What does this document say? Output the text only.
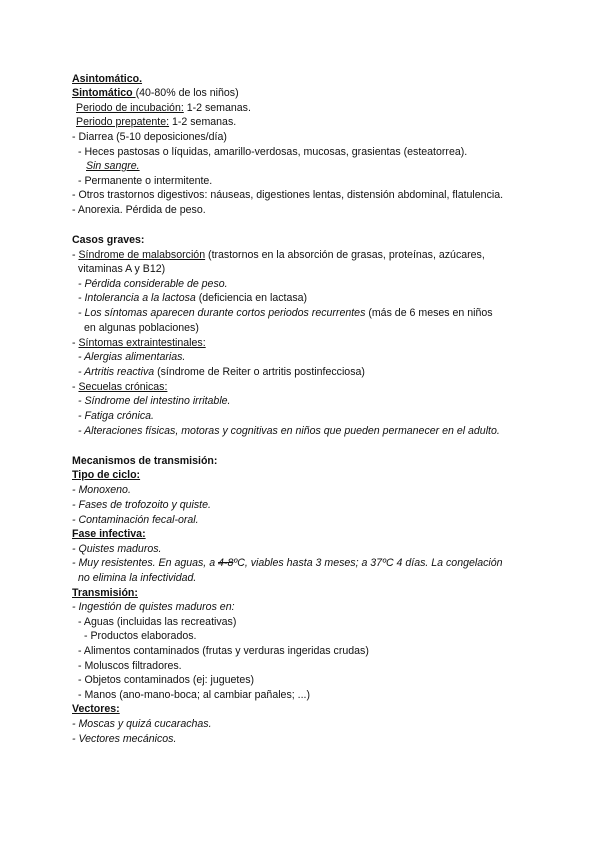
Asintomático.
Sintomático (40-80% de los niños)
Periodo de incubación: 1-2 semanas.
Periodo prepatente: 1-2 semanas.
- Diarrea (5-10 deposiciones/día)
- Heces pastosas o líquidas, amarillo-verdosas, mucosas, grasientas (esteatorrea).
Sin sangre.
- Permanente o intermitente.
- Otros trastornos digestivos: náuseas, digestiones lentas, distensión abdominal, flatulencia.
- Anorexia. Pérdida de peso.
Casos graves:
- Síndrome de malabsorción (trastornos en la absorción de grasas, proteínas, azúcares,
vitaminas A y B12)
- Pérdida considerable de peso.
- Intolerancia a la lactosa (deficiencia en lactasa)
- Los síntomas aparecen durante cortos periodos recurrentes (más de 6 meses en niños
en algunas poblaciones)
- Síntomas extraintestinales:
- Alergias alimentarias.
- Artritis reactiva (síndrome de Reiter o artritis postinfecciosa)
- Secuelas crónicas:
- Síndrome del intestino irritable.
- Fatiga crónica.
- Alteraciones físicas, motoras y cognitivas en niños que pueden permanecer en el adulto.
Mecanismos de transmisión:
Tipo de ciclo:
- Monoxeno.
- Fases de trofozoito y quiste.
- Contaminación fecal-oral.
Fase infectiva:
- Quistes maduros.
- Muy resistentes. En aguas, a 4-8ºC, viables hasta 3 meses; a 37ºC 4 días. La congelación
no elimina la infectividad.
Transmisión:
- Ingestión de quistes maduros en:
- Aguas (incluidas las recreativas)
- Productos elaborados.
- Alimentos contaminados (frutas y verduras ingeridas crudas)
- Moluscos filtradores.
- Objetos contaminados (ej: juguetes)
- Manos (ano-mano-boca; al cambiar pañales; ...)
Vectores:
- Moscas y quizá cucarachas.
- Vectores mecánicos.
